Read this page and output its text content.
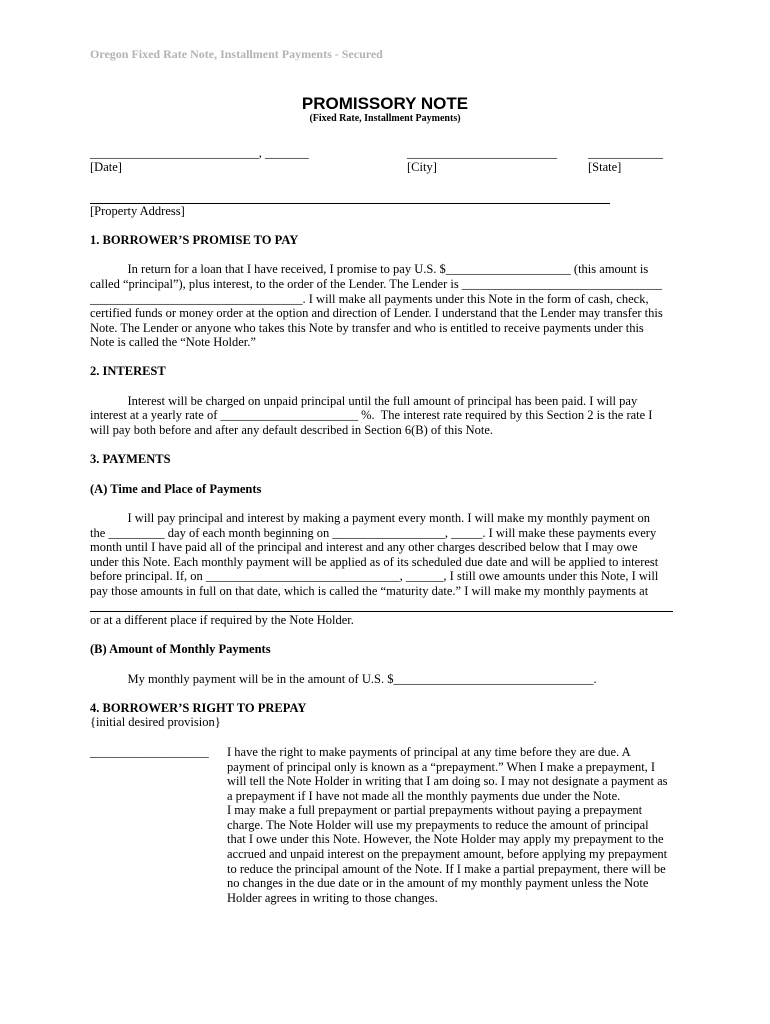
Oregon Fixed Rate Note, Installment Payments - Secured
PROMISSORY NOTE
(Fixed Rate, Installment Payments)
___________________________, _______	________________________ ____________
[Date]	[City]	[State]
[Property Address]
1. BORROWER’S PROMISE TO PAY
In return for a loan that I have received, I promise to pay U.S. $____________________ (this amount is
called “principal”), plus interest, to the order of the Lender. The Lender is ________________________________
__________________________________. I will make all payments under this Note in the form of cash, check,
certified funds or money order at the option and direction of Lender. I understand that the Lender may transfer this
Note. The Lender or anyone who takes this Note by transfer and who is entitled to receive payments under this
Note is called the “Note Holder.”
2. INTEREST
Interest will be charged on unpaid principal until the full amount of principal has been paid. I will pay
interest at a yearly rate of ______________________ %.  The interest rate required by this Section 2 is the rate I
will pay both before and after any default described in Section 6(B) of this Note.
3. PAYMENTS
(A) Time and Place of Payments
I will pay principal and interest by making a payment every month. I will make my monthly payment on
the _________ day of each month beginning on __________________, _____. I will make these payments every
month until I have paid all of the principal and interest and any other charges described below that I may owe
under this Note. Each monthly payment will be applied as of its scheduled due date and will be applied to interest
before principal. If, on _______________________________, ______, I still owe amounts under this Note, I will
pay those amounts in full on that date, which is called the “maturity date.” I will make my monthly payments at
or at a different place if required by the Note Holder.
(B) Amount of Monthly Payments
My monthly payment will be in the amount of U.S. $________________________________.
4. BORROWER’S RIGHT TO PREPAY
{initial desired provision}
___________________ I have the right to make payments of principal at any time before they are due. A
payment of principal only is known as a “prepayment.” When I make a prepayment, I
will tell the Note Holder in writing that I am doing so. I may not designate a payment as
a prepayment if I have not made all the monthly payments due under the Note.
I may make a full prepayment or partial prepayments without paying a prepayment
charge. The Note Holder will use my prepayments to reduce the amount of principal
that I owe under this Note. However, the Note Holder may apply my prepayment to the
accrued and unpaid interest on the prepayment amount, before applying my prepayment
to reduce the principal amount of the Note. If I make a partial prepayment, there will be
no changes in the due date or in the amount of my monthly payment unless the Note
Holder agrees in writing to those changes.
